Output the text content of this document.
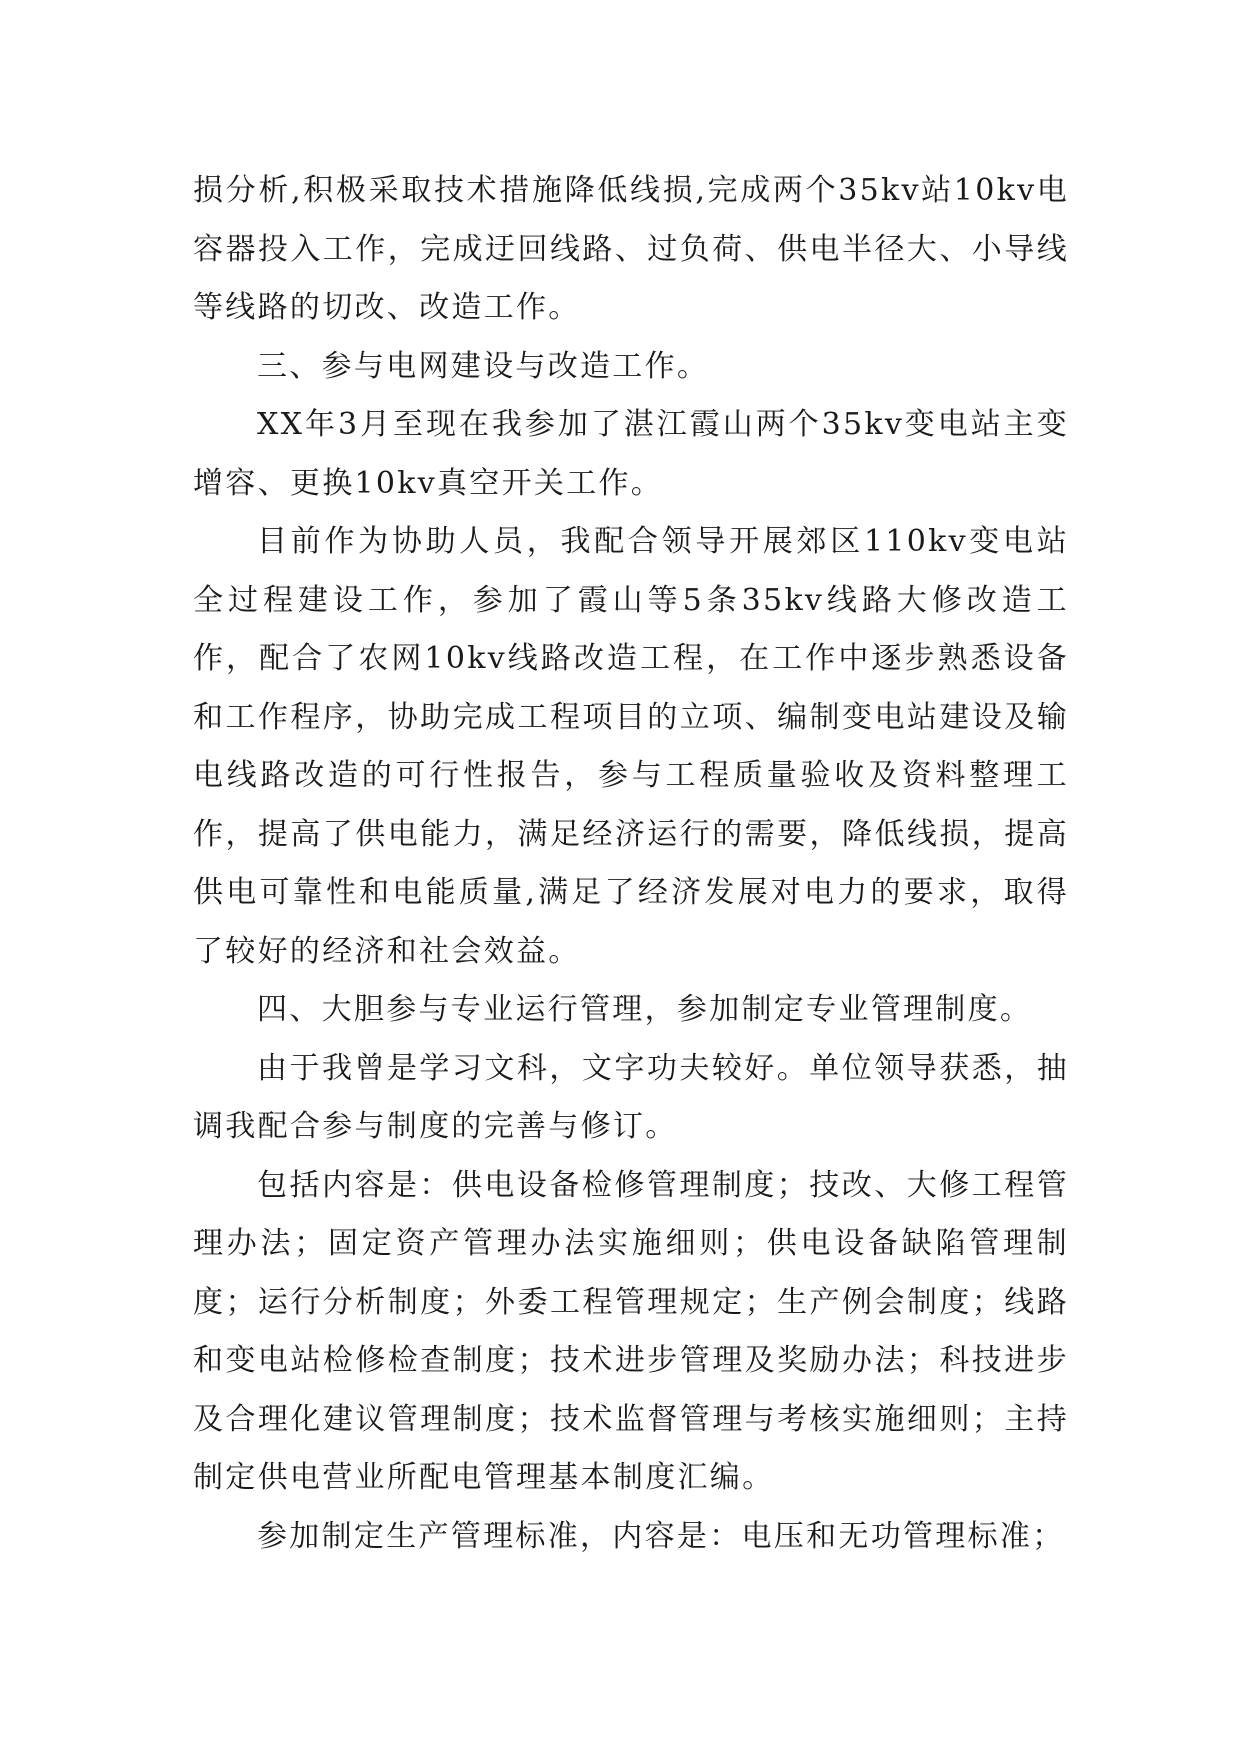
损分析,积极采取技术措施降低线损,完成两个35kv站10kv电容器投入工作，完成迂回线路、过负荷、供电半径大、小导线等线路的切改、改造工作。

三、参与电网建设与改造工作。

XX年3月至现在我参加了湛江霞山两个35kv变电站主变增容、更换10kv真空开关工作。

目前作为协助人员，我配合领导开展郊区110kv变电站全过程建设工作，参加了霞山等5条35kv线路大修改造工作，配合了农网10kv线路改造工程，在工作中逐步熟悉设备和工作程序，协助完成工程项目的立项、编制变电站建设及输电线路改造的可行性报告，参与工程质量验收及资料整理工作，提高了供电能力，满足经济运行的需要，降低线损，提高供电可靠性和电能质量,满足了经济发展对电力的要求，取得了较好的经济和社会效益。

四、大胆参与专业运行管理，参加制定专业管理制度。

由于我曾是学习文科，文字功夫较好。单位领导获悉，抽调我配合参与制度的完善与修订。

包括内容是：供电设备检修管理制度；技改、大修工程管理办法；固定资产管理办法实施细则；供电设备缺陷管理制度；运行分析制度；外委工程管理规定；生产例会制度；线路和变电站检修检查制度；技术进步管理及奖励办法；科技进步及合理化建议管理制度；技术监督管理与考核实施细则；主持制定供电营业所配电管理基本制度汇编。

参加制定生产管理标准，内容是：电压和无功管理标准；
